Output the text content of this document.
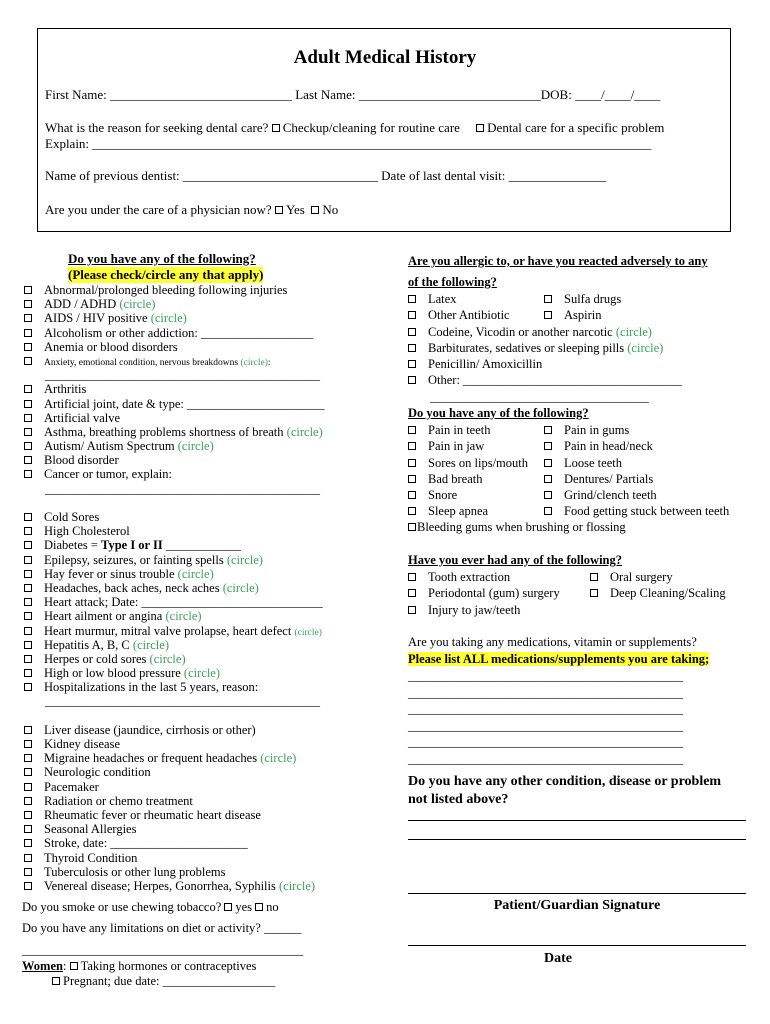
Adult Medical History
First Name: ____________________________ Last Name: ____________________________DOB: ____/____/____
What is the reason for seeking dental care? Checkup/cleaning for routine care Dental care for a specific problem
Explain: ______________________________________________________________________________________
Name of previous dentist: ______________________________ Date of last dental visit: _______________
Are you under the care of a physician now? Yes No
Do you have any of the following?
(Please check/circle any that apply)
Abnormal/prolonged bleeding following injuries
ADD / ADHD (circle)
AIDS / HIV positive (circle)
Alcoholism or other addiction: __________________
Anemia or blood disorders
Anxiety, emotional condition, nervous breakdowns (circle):
____________________________________________
Arthritis
Artificial joint, date & type: ______________________
Artificial valve
Asthma, breathing problems shortness of breath (circle)
Autism/ Autism Spectrum (circle)
Blood disorder
Cancer or tumor, explain:
____________________________________________
Cold Sores
High Cholesterol
Diabetes = Type I or II ____________
Epilepsy, seizures, or fainting spells (circle)
Hay fever or sinus trouble (circle)
Headaches, back aches, neck aches (circle)
Heart attack; Date: _____________________________
Heart ailment or angina (circle)
Heart murmur, mitral valve prolapse, heart defect (circle)
Hepatitis A, B, C (circle)
Herpes or cold sores (circle)
High or low blood pressure (circle)
Hospitalizations in the last 5 years, reason:
____________________________________________
Liver disease (jaundice, cirrhosis or other)
Kidney disease
Migraine headaches or frequent headaches (circle)
Neurologic condition
Pacemaker
Radiation or chemo treatment
Rheumatic fever or rheumatic heart disease
Seasonal Allergies
Stroke, date: ______________________
Thyroid Condition
Tuberculosis or other lung problems
Venereal disease; Herpes, Gonorrhea, Syphilis (circle)
Do you smoke or use chewing tobacco? yes no
Do you have any limitations on diet or activity? ______
_____________________________________________
Women: Taking hormones or contraceptives
Pregnant; due date: __________________
Are you allergic to, or have you reacted adversely to any
of the following?
Latex	Sulfa drugs
Other Antibiotic	Aspirin
Codeine, Vicodin or another narcotic (circle)
Barbiturates, sedatives or sleeping pills (circle)
Penicillin/ Amoxicillin
Other: ___________________________________
___________________________________
Do you have any of the following?
Pain in teeth	Pain in gums
Pain in jaw	Pain in head/neck
Sores on lips/mouth	Loose teeth
Bad breath	Dentures/ Partials
Snore	Grind/clench teeth
Sleep apnea	Food getting stuck between teeth
Bleeding gums when brushing or flossing
Have you ever had any of the following?
Tooth extraction	Oral surgery
Periodontal (gum) surgery	Deep Cleaning/Scaling
Injury to jaw/teeth
Are you taking any medications, vitamin or supplements?
Please list ALL medications/supplements you are taking;
____________________________________________
____________________________________________
____________________________________________
____________________________________________
____________________________________________
____________________________________________
Do you have any other condition, disease or problem
not listed above?
Patient/Guardian Signature
Date
